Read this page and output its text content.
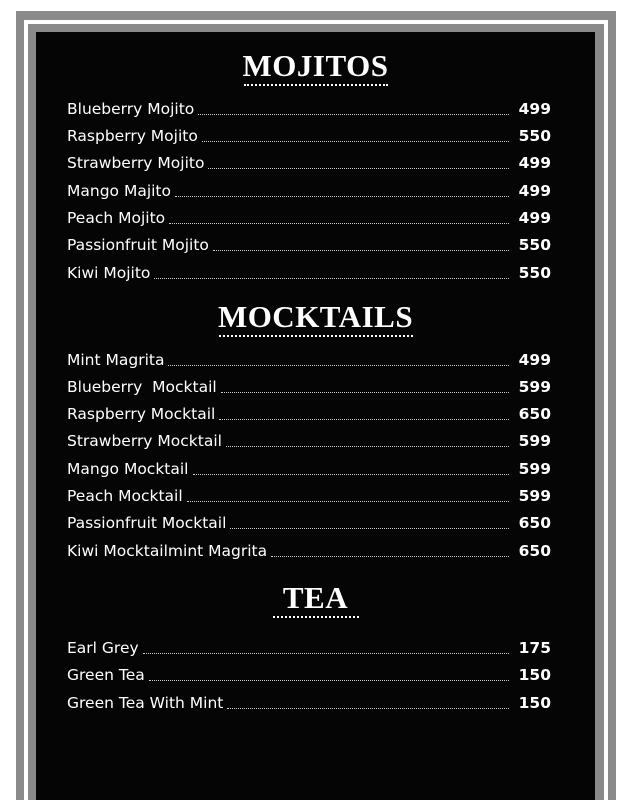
MOJITOS
Blueberry Mojito	499
Raspberry Mojito	550
Strawberry Mojito	499
Mango Majito	499
Peach Mojito	499
Passionfruit Mojito	550
Kiwi Mojito	550
MOCKTAILS
Mint Magrita	499
Blueberry  Mocktail	599
Raspberry Mocktail	650
Strawberry Mocktail	599
Mango Mocktail	599
Peach Mocktail	599
Passionfruit Mocktail	650
Kiwi Mocktailmint Magrita	650
TEA
Earl Grey	175
Green Tea	150
Green Tea With Mint	150
